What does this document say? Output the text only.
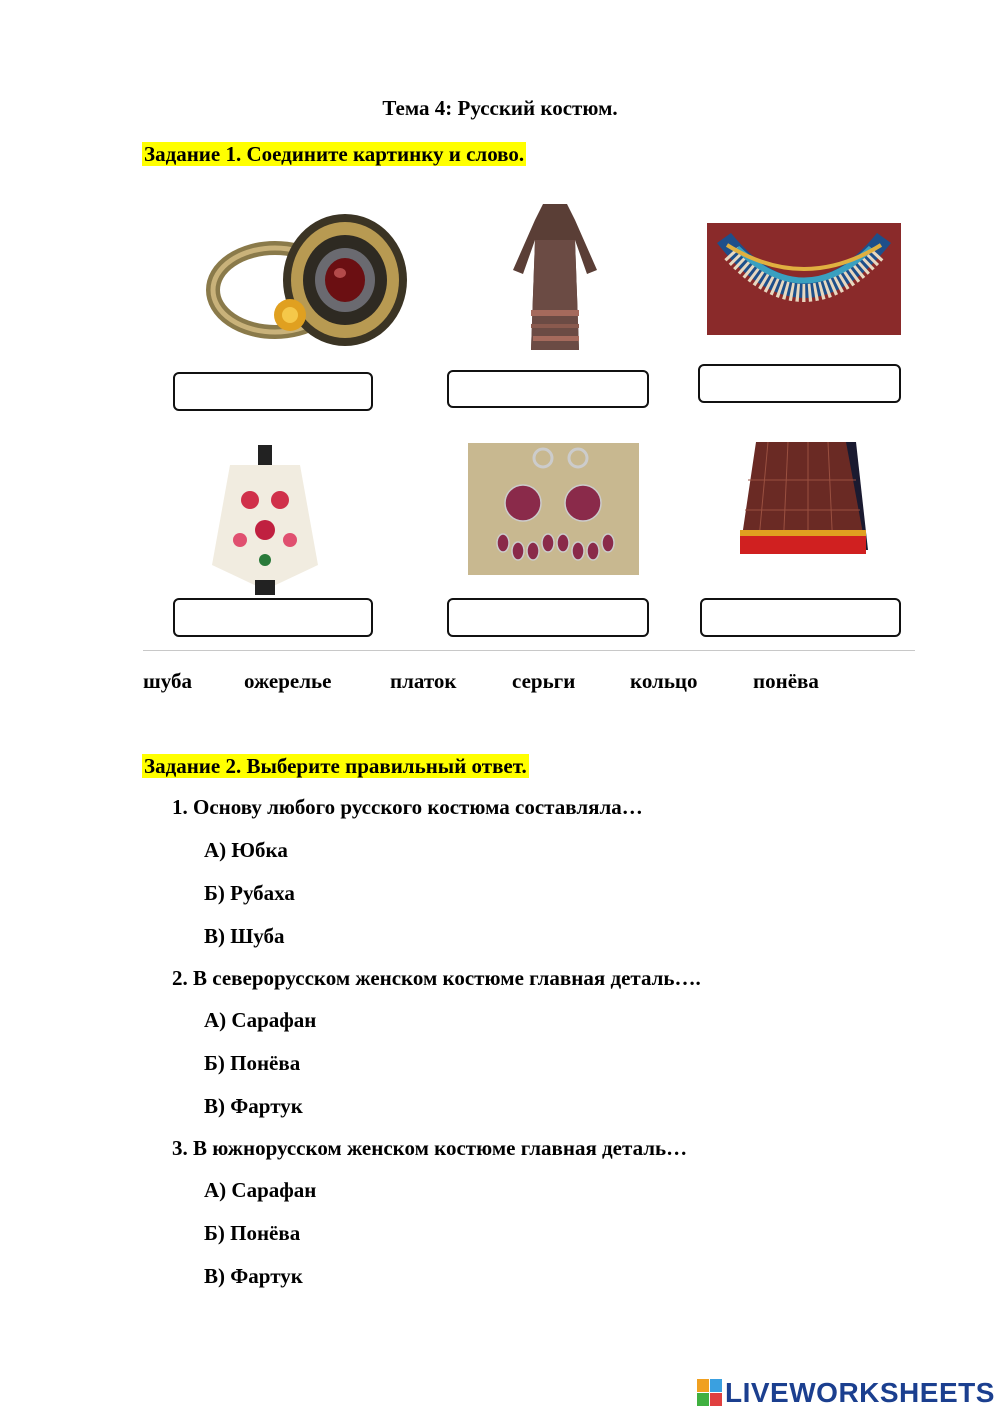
Тема 4: Русский костюм.
Задание 1. Соедините картинку и слово.
шуба ожерелье	платок	серьги	кольцо	понёва
Задание 2. Выберите правильный ответ.
1. Основу любого русского костюма составляла…
А) Юбка
Б) Рубаха
В) Шуба
2. В северорусском женском костюме главная деталь….
А) Сарафан
Б) Понёва
В) Фартук
3. В южнорусском женском костюме главная деталь…
А) Сарафан
Б) Понёва
В) Фартук
LIVEWORKSHEETS
